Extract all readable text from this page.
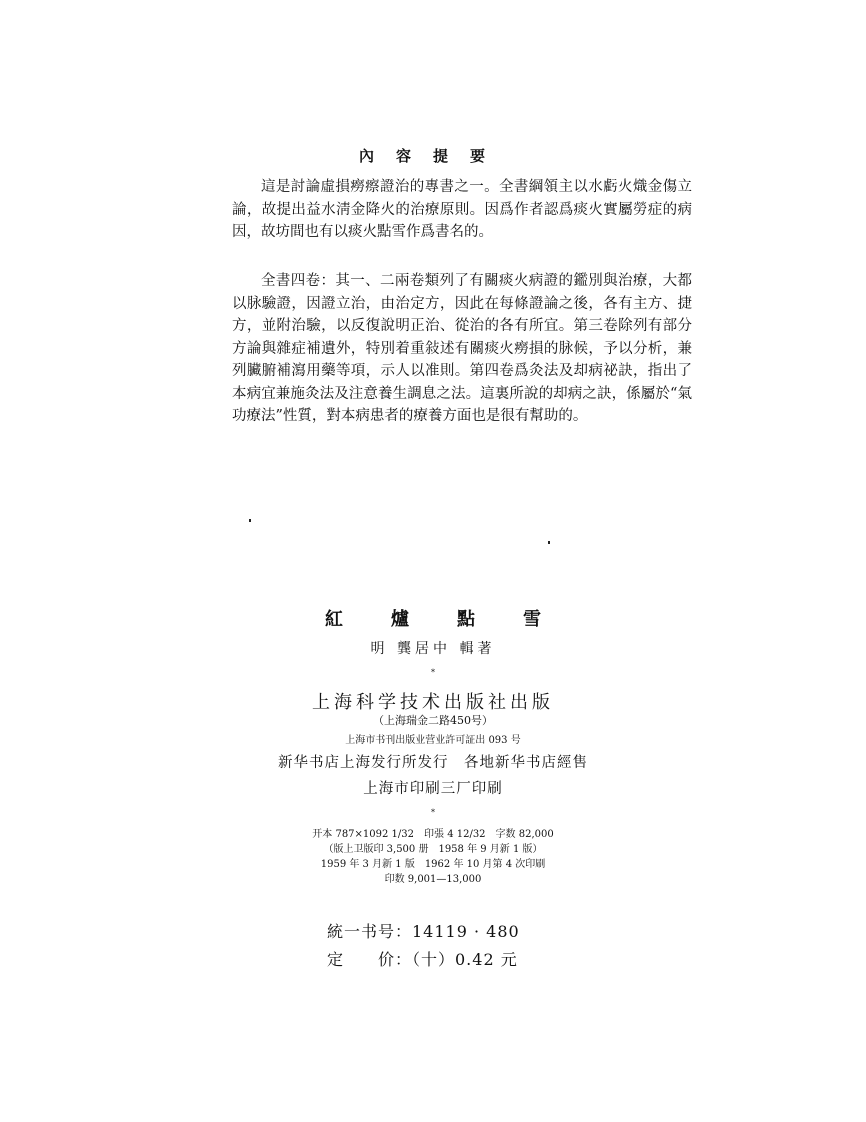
內容提要
這是討論虛損癆瘵證治的專書之一。全書綱領主以水虧火熾金傷立論，故提出益水淸金降火的治療原則。因爲作者認爲痰火實屬勞症的病因，故坊間也有以痰火點雪作爲書名的。
全書四卷：其一、二兩卷類列了有關痰火病證的鑑別與治療，大都以脉驗證，因證立治，由治定方，因此在每條證論之後，各有主方、捷方，並附治驗，以反復說明正治、從治的各有所宜。第三卷除列有部分方論與雜症補遺外，特別着重敍述有關痰火癆損的脉候，予以分析，兼列臟腑補瀉用藥等項，示人以准則。第四卷爲灸法及却病祕訣，指出了本病宜兼施灸法及注意養生調息之法。這裏所說的却病之訣，係屬於“氣功療法”性質，對本病患者的療養方面也是很有幫助的。
紅爐點雪
明 龔居中 輯著
*
上海科学技术出版社出版
（上海瑞金二路450号）
上海市书刊出版业营业許可証出 093 号
新华书店上海发行所发行　各地新华书店經售
上海市印刷三厂印刷
*
开本 787×1092 1/32　印張 4 12/32　字数 82,000
（版上卫版印 3,500 册　1958 年 9 月新 1 版）
1959 年 3 月新 1 版　1962 年 10 月第 4 次印刷
印数 9,001—13,000
統一书号：14119 · 480
定　　价：（十）0.42 元
